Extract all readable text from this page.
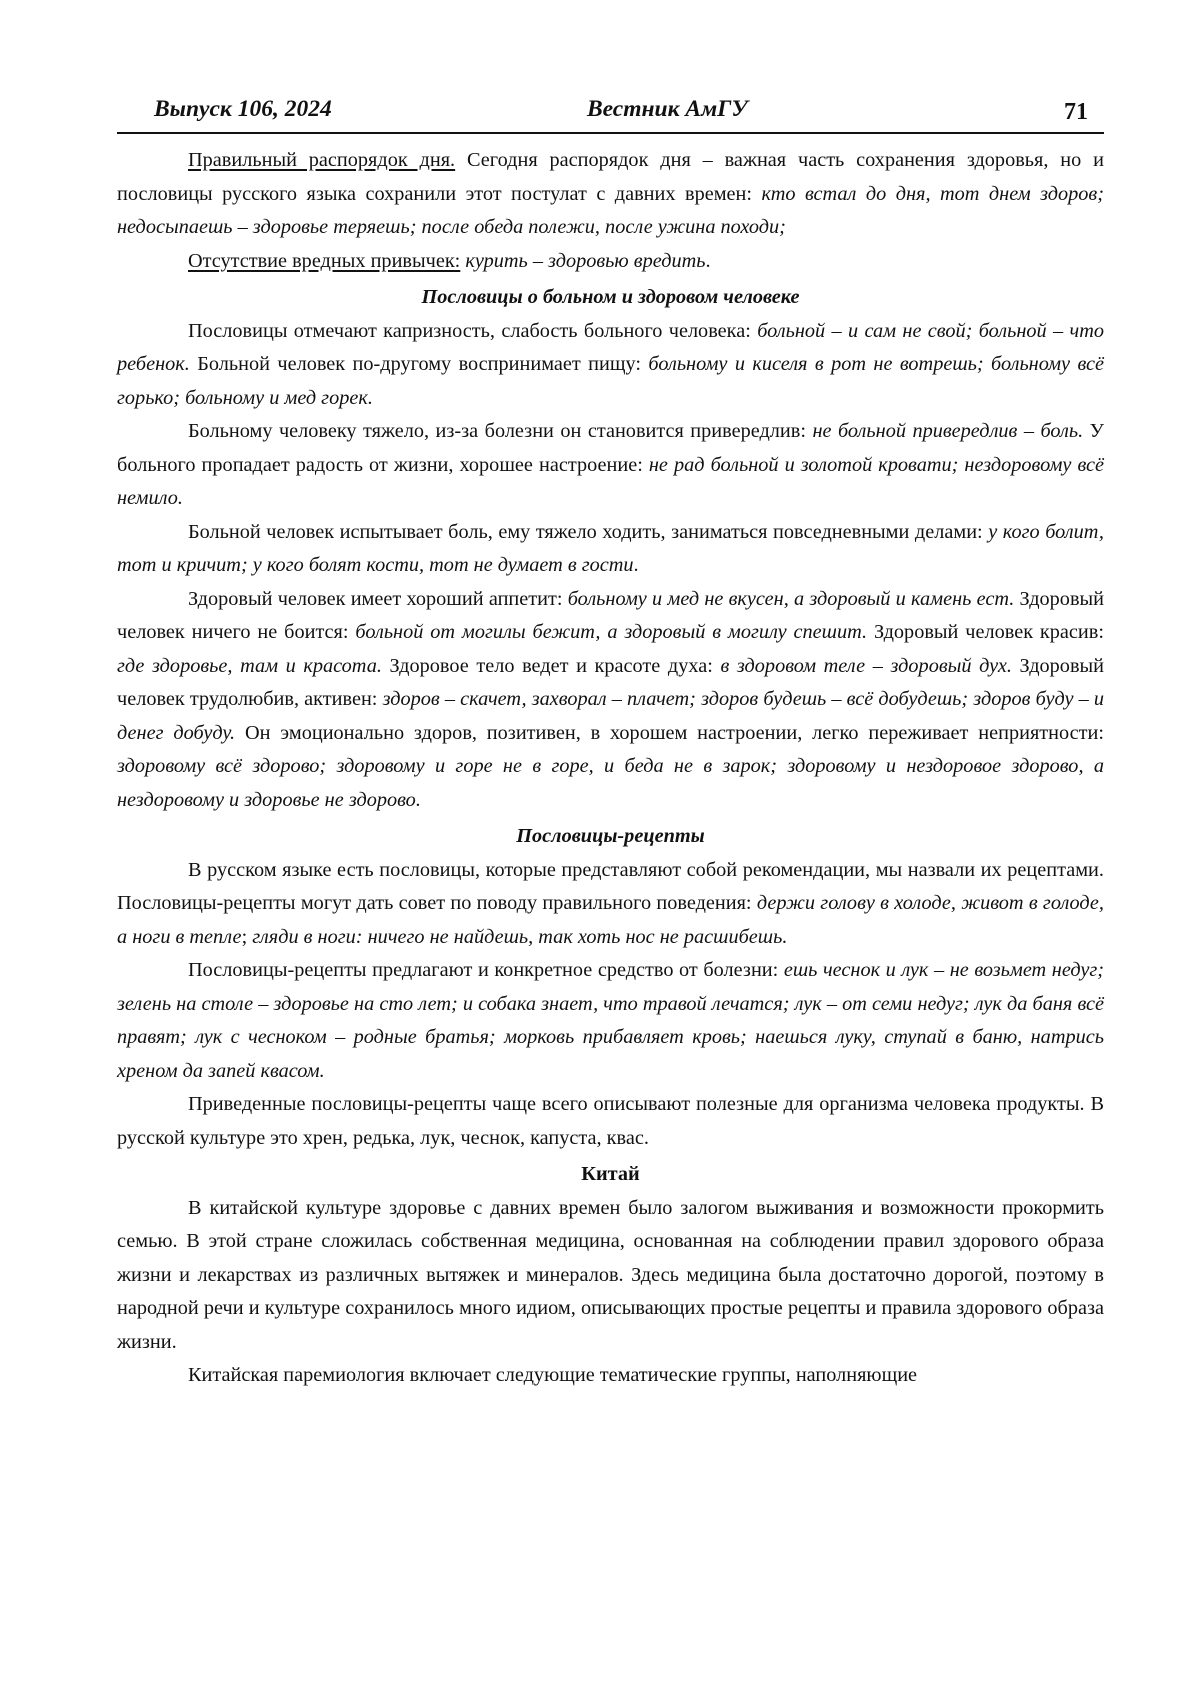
Выпуск 106, 2024	Вестник АмГУ	71

Правильный распорядок дня. Сегодня распорядок дня – важная часть сохранения здоровья, но и пословицы русского языка сохранили этот постулат с давних времен: кто встал до дня, тот днем здоров; недосыпаешь – здоровье теряешь; после обеда полежи, после ужина походи;

Отсутствие вредных привычек: курить – здоровью вредить.

Пословицы о больном и здоровом человеке

Пословицы отмечают капризность, слабость больного человека: больной – и сам не свой; больной – что ребенок. Больной человек по-другому воспринимает пищу: больному и киселя в рот не вотрешь; больному всё горько; больному и мед горек.

Больному человеку тяжело, из-за болезни он становится привередлив: не больной привередлив – боль. У больного пропадает радость от жизни, хорошее настроение: не рад больной и золотой кровати; нездоровому всё немило.

Больной человек испытывает боль, ему тяжело ходить, заниматься повседневными делами: у кого болит, тот и кричит; у кого болят кости, тот не думает в гости.

Здоровый человек имеет хороший аппетит: больному и мед не вкусен, а здоровый и камень ест. Здоровый человек ничего не боится: больной от могилы бежит, а здоровый в могилу спешит. Здоровый человек красив: где здоровье, там и красота. Здоровое тело ведет и красоте духа: в здоровом теле – здоровый дух. Здоровый человек трудолюбив, активен: здоров – скачет, захворал – плачет; здоров будешь – всё добудешь; здоров буду – и денег добуду. Он эмоционально здоров, позитивен, в хорошем настроении, легко переживает неприятности: здоровому всё здорово; здоровому и горе не в горе, и беда не в зарок; здоровому и нездоровое здорово, а нездоровому и здоровье не здорово.

Пословицы-рецепты

В русском языке есть пословицы, которые представляют собой рекомендации, мы назвали их рецептами. Пословицы-рецепты могут дать совет по поводу правильного поведения: держи голову в холоде, живот в голоде, а ноги в тепле; гляди в ноги: ничего не найдешь, так хоть нос не расшибешь.

Пословицы-рецепты предлагают и конкретное средство от болезни: ешь чеснок и лук – не возьмет недуг; зелень на столе – здоровье на сто лет; и собака знает, что травой лечатся; лук – от семи недуг; лук да баня всё правят; лук с чесноком – родные братья; морковь прибавляет кровь; наешься луку, ступай в баню, натрись хреном да запей квасом.

Приведенные пословицы-рецепты чаще всего описывают полезные для организма человека продукты. В русской культуре это хрен, редька, лук, чеснок, капуста, квас.

Китай

В китайской культуре здоровье с давних времен было залогом выживания и возможности прокормить семью. В этой стране сложилась собственная медицина, основанная на соблюдении правил здорового образа жизни и лекарствах из различных вытяжек и минералов. Здесь медицина была достаточно дорогой, поэтому в народной речи и культуре сохранилось много идиом, описывающих простые рецепты и правила здорового образа жизни.

Китайская паремиология включает следующие тематические группы, наполняющие
